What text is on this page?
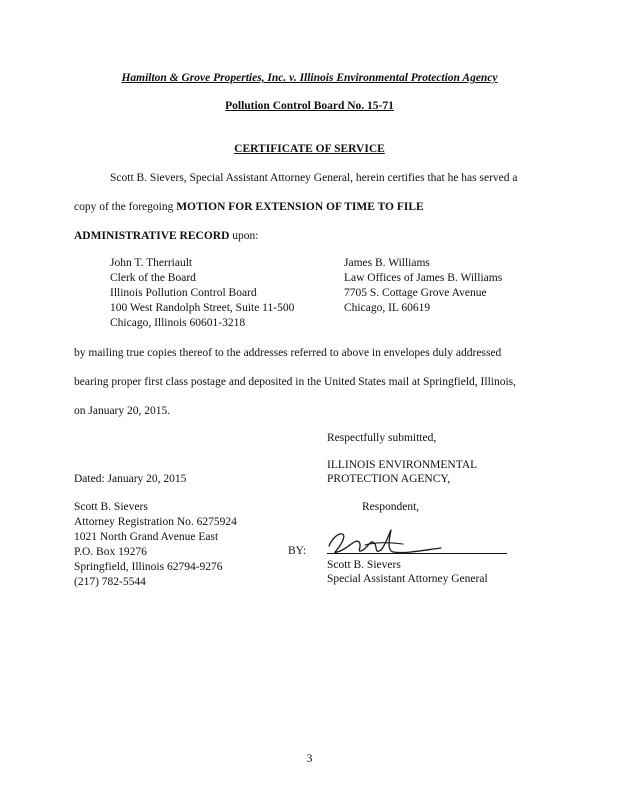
Hamilton & Grove Properties, Inc. v. Illinois Environmental Protection Agency
Pollution Control Board No. 15-71
CERTIFICATE OF SERVICE
Scott B. Sievers, Special Assistant Attorney General, herein certifies that he has served a
copy of the foregoing MOTION FOR EXTENSION OF TIME TO FILE
ADMINISTRATIVE RECORD upon:
John T. Therriault
Clerk of the Board
Illinois Pollution Control Board
100 West Randolph Street, Suite 11-500
Chicago, Illinois 60601-3218
James B. Williams
Law Offices of James B. Williams
7705 S. Cottage Grove Avenue
Chicago, IL 60619
by mailing true copies thereof to the addresses referred to above in envelopes duly addressed
bearing proper first class postage and deposited in the United States mail at Springfield, Illinois,
on January 20, 2015.
Respectfully submitted,
ILLINOIS ENVIRONMENTAL
PROTECTION AGENCY,
Dated: January 20, 2015
Respondent,
Scott B. Sievers
Attorney Registration No. 6275924
1021 North Grand Avenue East
P.O. Box 19276
Springfield, Illinois 62794-9276
(217) 782-5544
BY:
Scott B. Sievers
Special Assistant Attorney General
3
